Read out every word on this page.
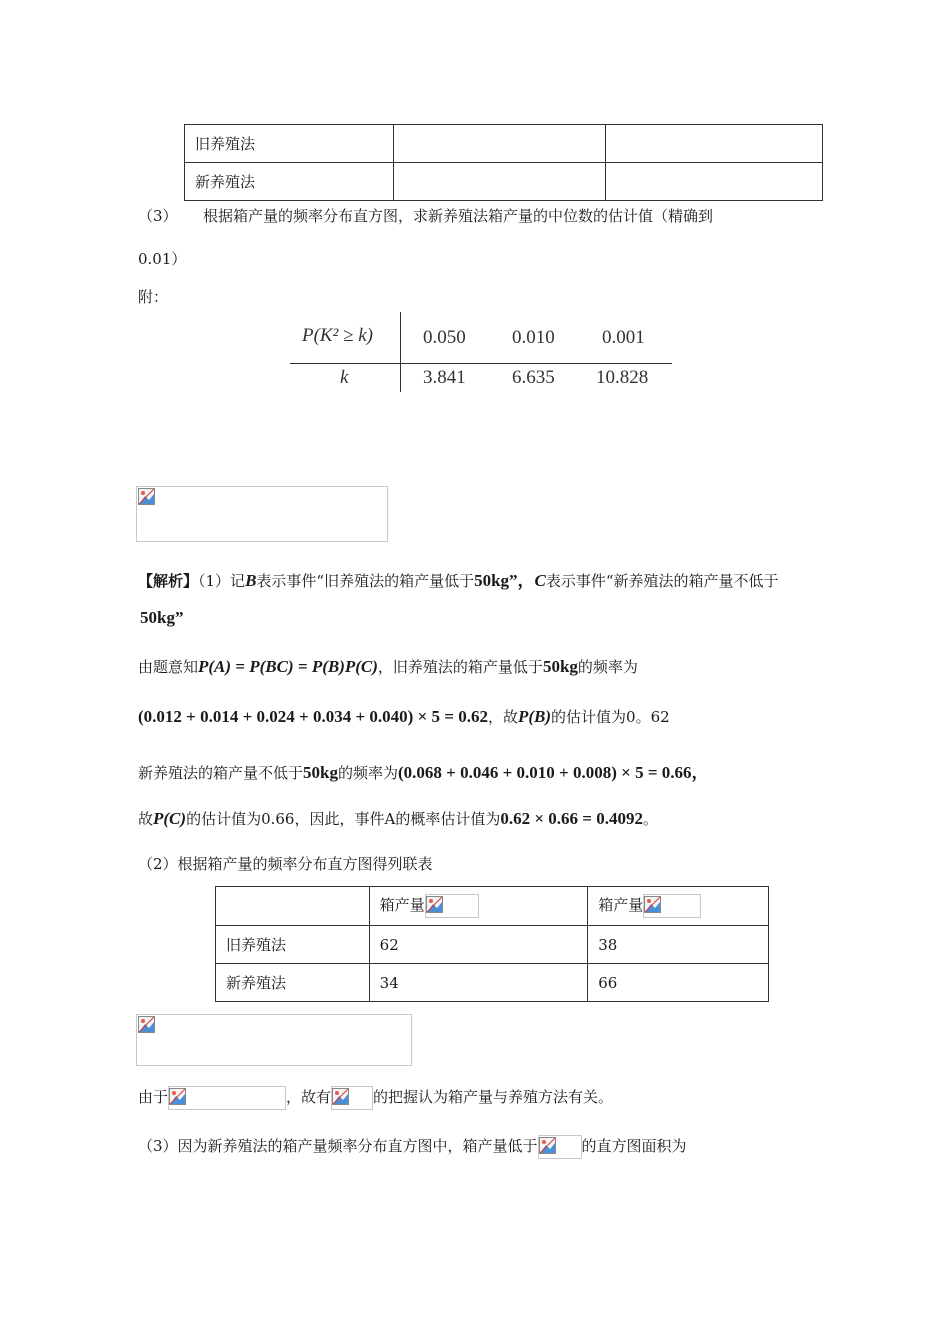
旧养殖法		
新养殖法		
（3） 根据箱产量的频率分布直方图，求新养殖法箱产量的中位数的估计值（精确到
0.01）
附：
P(K² ≥ k)	0.050 0.010 0.001
k	3.841 6.635 10.828
【解析】（1）记B表示事件“旧养殖法的箱产量低于50kg”，C表示事件“新养殖法的箱产量不低于
50kg”
由题意知P(A) = P(BC) = P(B)P(C)，旧养殖法的箱产量低于50kg的频率为
(0.012 + 0.014 + 0.024 + 0.034 + 0.040) × 5 = 0.62，故P(B)的估计值为0。62
新养殖法的箱产量不低于50kg的频率为(0.068 + 0.046 + 0.010 + 0.008) × 5 = 0.66，
故P(C)的估计值为0.66，因此，事件A的概率估计值为0.62 × 0.66 = 0.4092。
（2）根据箱产量的频率分布直方图得列联表
	箱产量	箱产量

旧养殖法	62	38
新养殖法	34	66
由于	，故有	的把握认为箱产量与养殖方法有关。
（3）因为新养殖法的箱产量频率分布直方图中，箱产量低于	的直方图面积为
